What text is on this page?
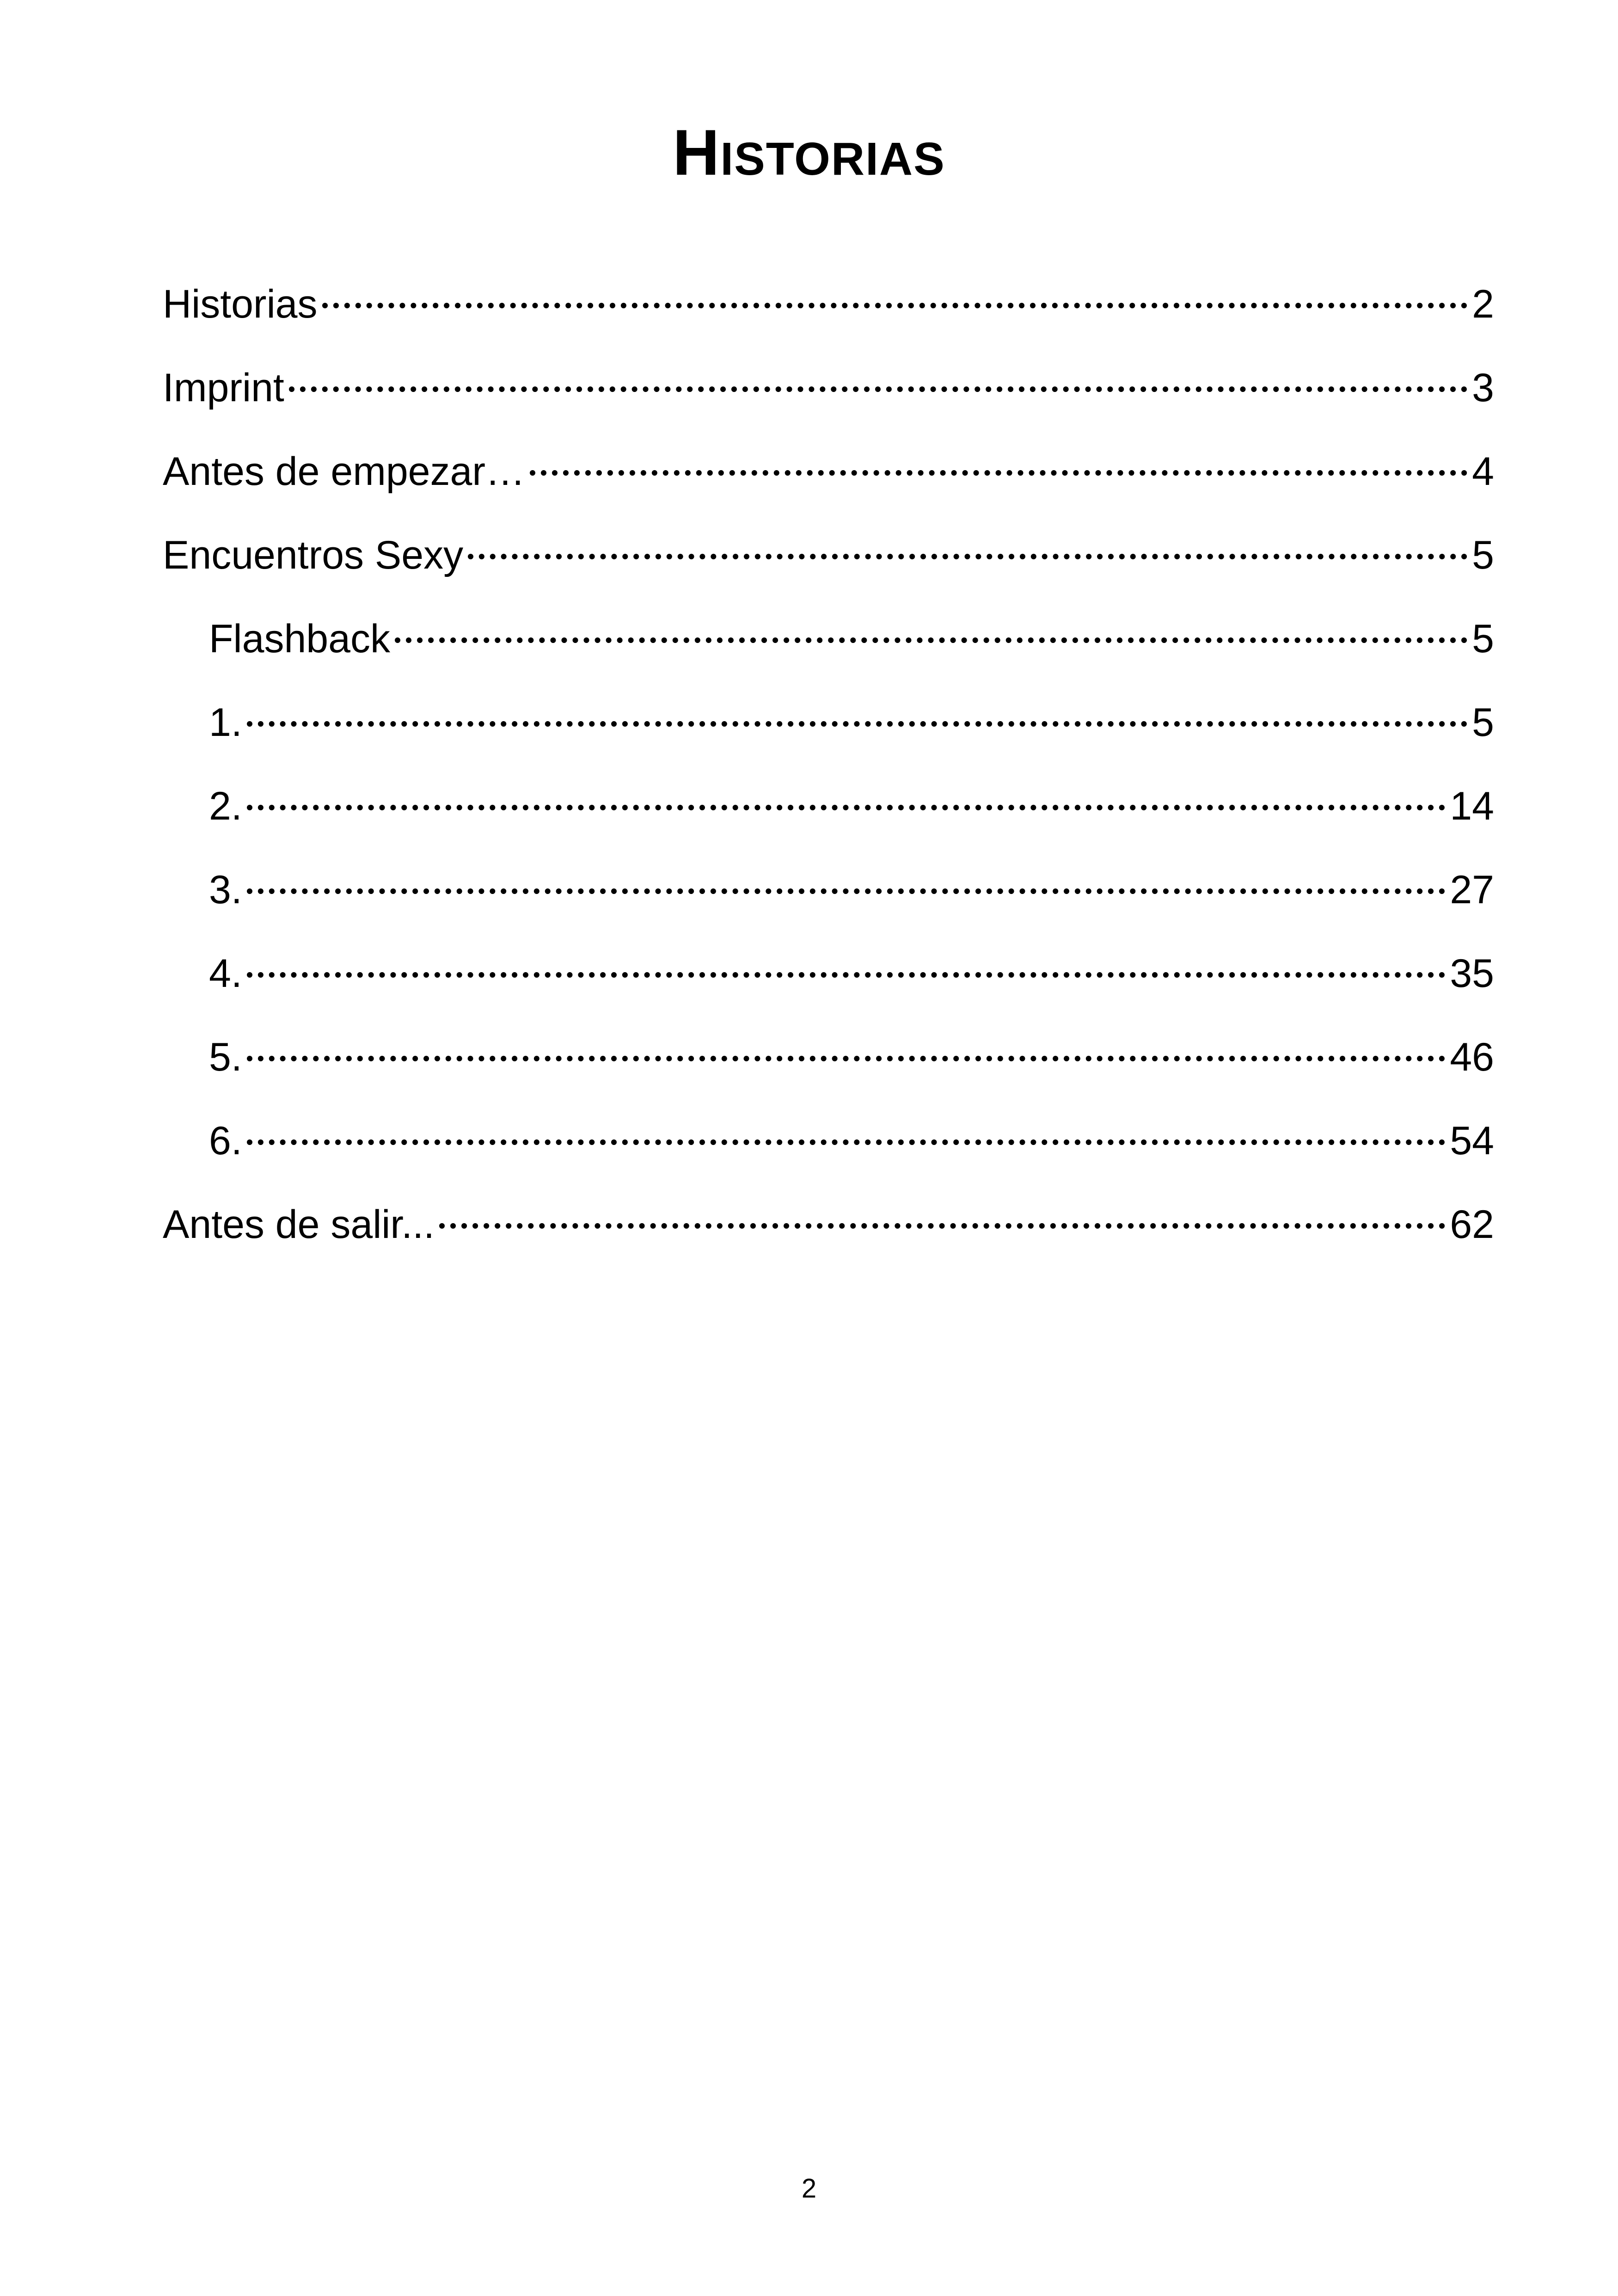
HISTORIAS
Historias	2
Imprint	3
Antes de empezar…	4
Encuentros Sexy	5
Flashback	5
1.	5
2.	14
3.	27
4.	35
5.	46
6.	54
Antes de salir...	62
2
